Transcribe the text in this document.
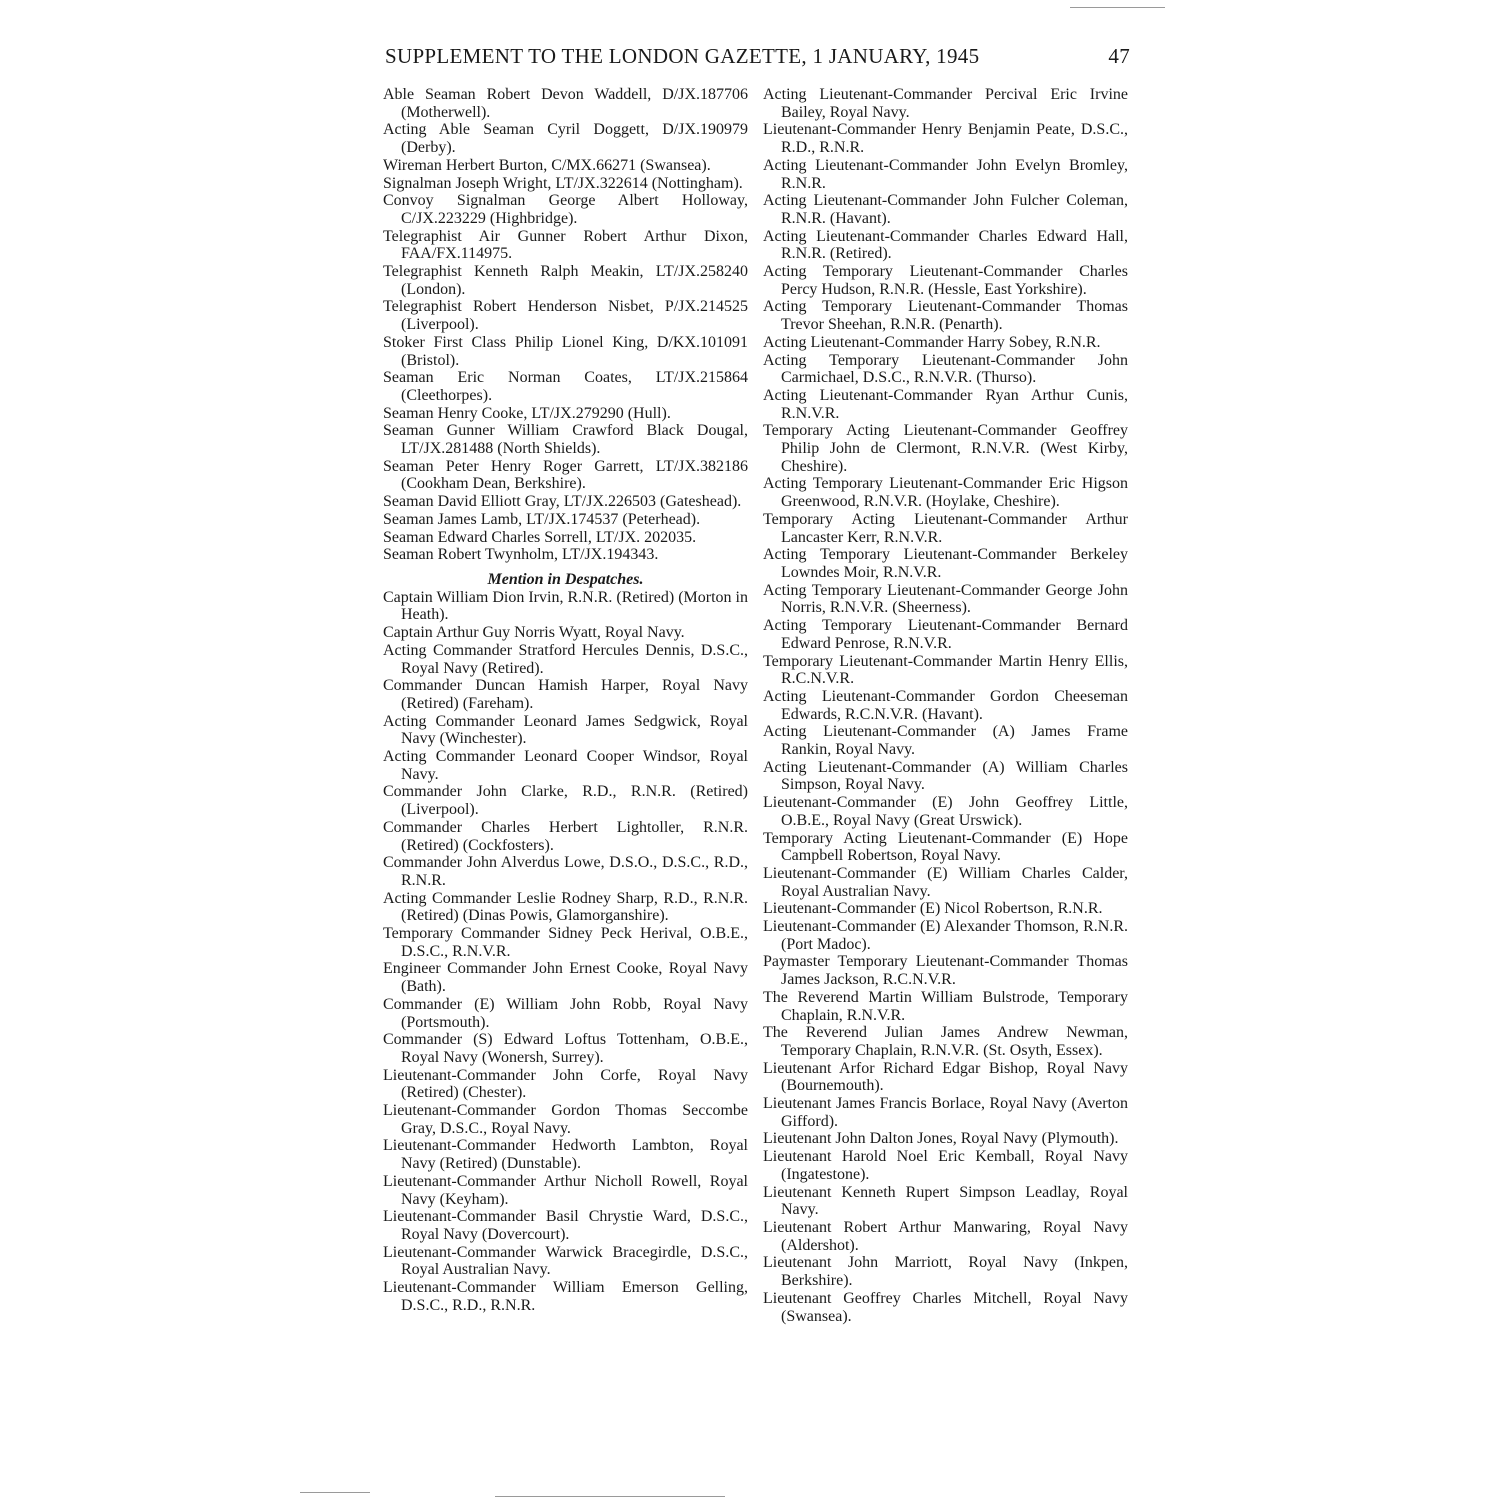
SUPPLEMENT TO THE LONDON GAZETTE, 1 JANUARY, 1945	47

Able Seaman Robert Devon Waddell, D/JX.187706 (Motherwell).

Acting Able Seaman Cyril Doggett, D/JX.190979 (Derby).

Wireman Herbert Burton, C/MX.66271 (Swansea).

Signalman Joseph Wright, LT/JX.322614 (Nottingham).

Convoy Signalman George Albert Holloway, C/JX.223229 (Highbridge).

Telegraphist Air Gunner Robert Arthur Dixon, FAA/FX.114975.

Telegraphist Kenneth Ralph Meakin, LT/JX.258240 (London).

Telegraphist Robert Henderson Nisbet, P/JX.214525 (Liverpool).

Stoker First Class Philip Lionel King, D/KX.101091 (Bristol).

Seaman Eric Norman Coates, LT/JX.215864 (Cleethorpes).

Seaman Henry Cooke, LT/JX.279290 (Hull).

Seaman Gunner William Crawford Black Dougal, LT/JX.281488 (North Shields).

Seaman Peter Henry Roger Garrett, LT/JX.382186 (Cookham Dean, Berkshire).

Seaman David Elliott Gray, LT/JX.226503 (Gateshead).

Seaman James Lamb, LT/JX.174537 (Peterhead).

Seaman Edward Charles Sorrell, LT/JX. 202035.

Seaman Robert Twynholm, LT/JX.194343.

Mention in Despatches.

Captain William Dion Irvin, R.N.R. (Retired) (Morton in Heath).

Captain Arthur Guy Norris Wyatt, Royal Navy.

Acting Commander Stratford Hercules Dennis, D.S.C., Royal Navy (Retired).

Commander Duncan Hamish Harper, Royal Navy (Retired) (Fareham).

Acting Commander Leonard James Sedgwick, Royal Navy (Winchester).

Acting Commander Leonard Cooper Windsor, Royal Navy.

Commander John Clarke, R.D., R.N.R. (Retired) (Liverpool).

Commander Charles Herbert Lightoller, R.N.R. (Retired) (Cockfosters).

Commander John Alverdus Lowe, D.S.O., D.S.C., R.D., R.N.R.

Acting Commander Leslie Rodney Sharp, R.D., R.N.R. (Retired) (Dinas Powis, Glamorganshire).

Temporary Commander Sidney Peck Herival, O.B.E., D.S.C., R.N.V.R.

Engineer Commander John Ernest Cooke, Royal Navy (Bath).

Commander (E) William John Robb, Royal Navy (Portsmouth).

Commander (S) Edward Loftus Tottenham, O.B.E., Royal Navy (Wonersh, Surrey).

Lieutenant-Commander John Corfe, Royal Navy (Retired) (Chester).

Lieutenant-Commander Gordon Thomas Seccombe Gray, D.S.C., Royal Navy.

Lieutenant-Commander Hedworth Lambton, Royal Navy (Retired) (Dunstable).

Lieutenant-Commander Arthur Nicholl Rowell, Royal Navy (Keyham).

Lieutenant-Commander Basil Chrystie Ward, D.S.C., Royal Navy (Dovercourt).

Lieutenant-Commander Warwick Bracegirdle, D.S.C., Royal Australian Navy.

Lieutenant-Commander William Emerson Gelling, D.S.C., R.D., R.N.R.

Acting Lieutenant-Commander Percival Eric Irvine Bailey, Royal Navy.

Lieutenant-Commander Henry Benjamin Peate, D.S.C., R.D., R.N.R.

Acting Lieutenant-Commander John Evelyn Bromley, R.N.R.

Acting Lieutenant-Commander John Fulcher Coleman, R.N.R. (Havant).

Acting Lieutenant-Commander Charles Edward Hall, R.N.R. (Retired).

Acting Temporary Lieutenant-Commander Charles Percy Hudson, R.N.R. (Hessle, East Yorkshire).

Acting Temporary Lieutenant-Commander Thomas Trevor Sheehan, R.N.R. (Penarth).

Acting Lieutenant-Commander Harry Sobey, R.N.R.

Acting Temporary Lieutenant-Commander John Carmichael, D.S.C., R.N.V.R. (Thurso).

Acting Lieutenant-Commander Ryan Arthur Cunis, R.N.V.R.

Temporary Acting Lieutenant-Commander Geoffrey Philip John de Clermont, R.N.V.R. (West Kirby, Cheshire).

Acting Temporary Lieutenant-Commander Eric Higson Greenwood, R.N.V.R. (Hoylake, Cheshire).

Temporary Acting Lieutenant-Commander Arthur Lancaster Kerr, R.N.V.R.

Acting Temporary Lieutenant-Commander Berkeley Lowndes Moir, R.N.V.R.

Acting Temporary Lieutenant-Commander George John Norris, R.N.V.R. (Sheerness).

Acting Temporary Lieutenant-Commander Bernard Edward Penrose, R.N.V.R.

Temporary Lieutenant-Commander Martin Henry Ellis, R.C.N.V.R.

Acting Lieutenant-Commander Gordon Cheeseman Edwards, R.C.N.V.R. (Havant).

Acting Lieutenant-Commander (A) James Frame Rankin, Royal Navy.

Acting Lieutenant-Commander (A) William Charles Simpson, Royal Navy.

Lieutenant-Commander (E) John Geoffrey Little, O.B.E., Royal Navy (Great Urswick).

Temporary Acting Lieutenant-Commander (E) Hope Campbell Robertson, Royal Navy.

Lieutenant-Commander (E) William Charles Calder, Royal Australian Navy.

Lieutenant-Commander (E) Nicol Robertson, R.N.R.

Lieutenant-Commander (E) Alexander Thomson, R.N.R. (Port Madoc).

Paymaster Temporary Lieutenant-Commander Thomas James Jackson, R.C.N.V.R.

The Reverend Martin William Bulstrode, Temporary Chaplain, R.N.V.R.

The Reverend Julian James Andrew Newman, Temporary Chaplain, R.N.V.R. (St. Osyth, Essex).

Lieutenant Arfor Richard Edgar Bishop, Royal Navy (Bournemouth).

Lieutenant James Francis Borlace, Royal Navy (Averton Gifford).

Lieutenant John Dalton Jones, Royal Navy (Plymouth).

Lieutenant Harold Noel Eric Kemball, Royal Navy (Ingatestone).

Lieutenant Kenneth Rupert Simpson Leadlay, Royal Navy.

Lieutenant Robert Arthur Manwaring, Royal Navy (Aldershot).

Lieutenant John Marriott, Royal Navy (Inkpen, Berkshire).

Lieutenant Geoffrey Charles Mitchell, Royal Navy (Swansea).
